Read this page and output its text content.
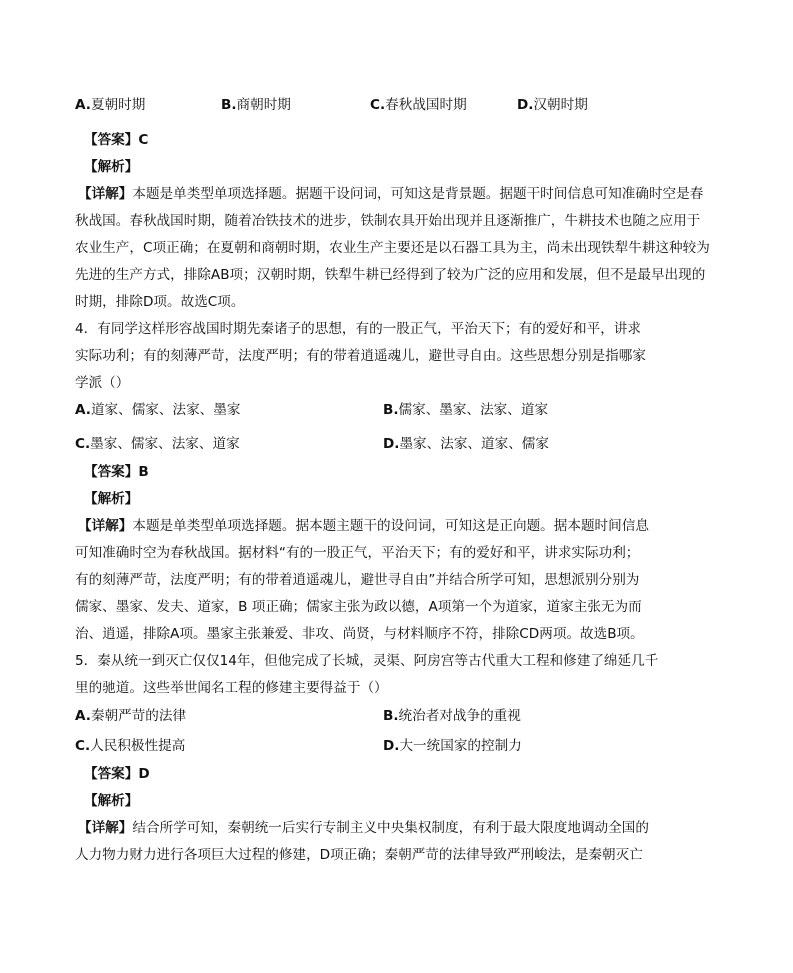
A.夏朝时期	B.商朝时期	C.春秋战国时期	D.汉朝时期
【答案】C
【解析】
【详解】本题是单类型单项选择题。据题干设问词，可知这是背景题。据题干时间信息可知准确时空是春
秋战国。春秋战国时期，随着冶铁技术的进步，铁制农具开始出现并且逐渐推广，牛耕技术也随之应用于
农业生产，C项正确；在夏朝和商朝时期，农业生产主要还是以石器工具为主，尚未出现铁犁牛耕这种较为
先进的生产方式，排除AB项；汉朝时期，铁犁牛耕已经得到了较为广泛的应用和发展，但不是最早出现的
时期，排除D项。故选C项。
4．有同学这样形容战国时期先秦诸子的思想，有的一股正气，平治天下；有的爱好和平，讲求
实际功利；有的刻薄严苛，法度严明；有的带着逍遥魂儿，避世寻自由。这些思想分别是指哪家
学派（）
A.道家、儒家、法家、墨家	B.儒家、墨家、法家、道家
C.墨家、儒家、法家、道家	D.墨家、法家、道家、儒家
【答案】B
【解析】
【详解】本题是单类型单项选择题。据本题主题干的设问词，可知这是正向题。据本题时间信息
可知准确时空为春秋战国。据材料“有的一股正气，平治天下；有的爱好和平，讲求实际功利；
有的刻薄严苛，法度严明；有的带着逍遥魂儿，避世寻自由”并结合所学可知，思想派别分别为
儒家、墨家、发夫、道家，B 项正确；儒家主张为政以德，A项第一个为道家，道家主张无为而
治、逍遥，排除A项。墨家主张兼爱、非攻、尚贤，与材料顺序不符，排除CD两项。故选B项。
5．秦从统一到灭亡仅仅14年，但他完成了长城，灵渠、阿房宫等古代重大工程和修建了绵延几千
里的驰道。这些举世闻名工程的修建主要得益于（）
A.秦朝严苛的法律	B.统治者对战争的重视
C.人民积极性提高	D.大一统国家的控制力
【答案】D
【解析】
【详解】结合所学可知，秦朝统一后实行专制主义中央集权制度，有利于最大限度地调动全国的
人力物力财力进行各项巨大过程的修建，D项正确；秦朝严苛的法律导致严刑峻法，是秦朝灭亡
